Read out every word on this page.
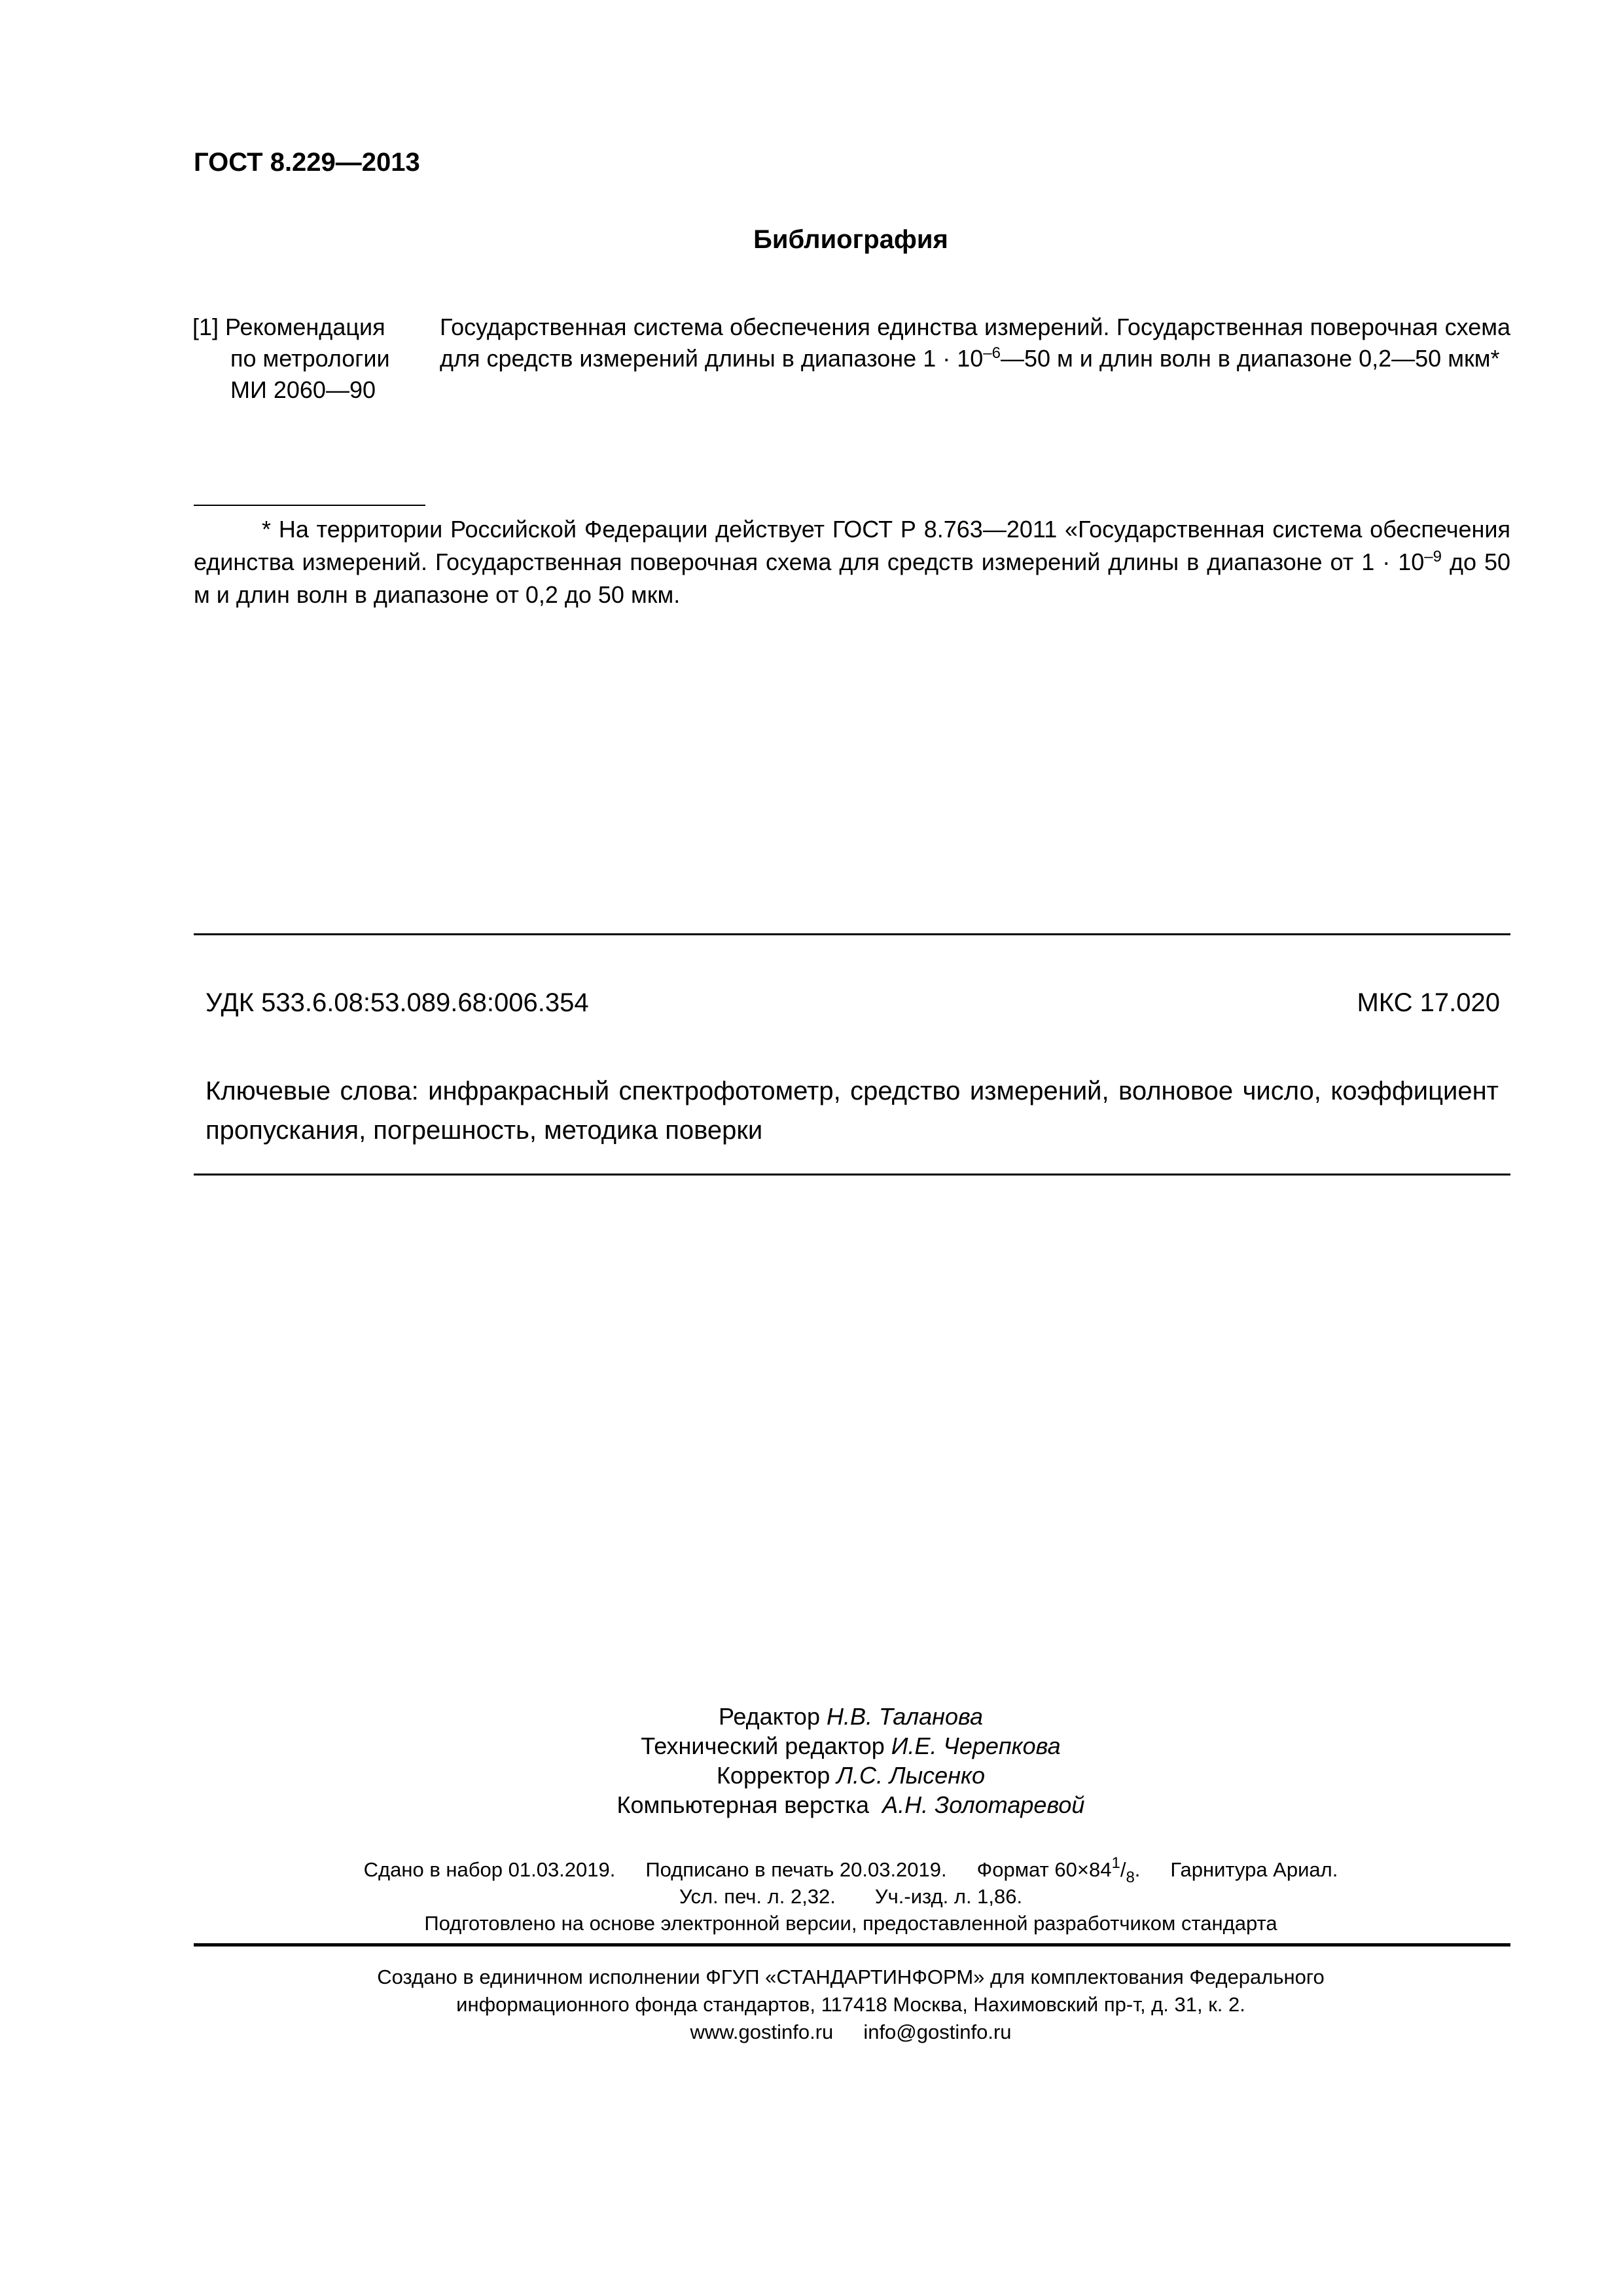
ГОСТ 8.229—2013
Библиография
[1] Рекомендация
по метрологии
МИ 2060—90
Государственная система обеспечения единства измерений. Государственная поверочная схема для средств измерений длины в диапазоне $1 \cdot 10^{-6}—50$ м и длин волн в диапазоне 0,2—50 мкм*
* На территории Российской Федерации действует ГОСТ Р 8.763—2011 «Государственная система обеспечения единства измерений. Государственная поверочная схема для средств измерений длины в диапазоне от $1 \cdot 10^{-9}$ до 50 м и длин волн в диапазоне от 0,2 до 50 мкм.
УДК 533.6.08:53.089.68:006.354	МКС 17.020
Ключевые слова: инфракрасный спектрофотометр, средство измерений, волновое число, коэффициент пропускания, погрешность, методика поверки
Редактор Н.В. Таланова
Технический редактор И.Е. Черепкова
Корректор Л.С. Лысенко
Компьютерная верстка А.Н. Золотаревой
Сдано в набор 01.03.2019. Подписано в печать 20.03.2019. Формат $60\times 84^1/_8$. Гарнитура Ариал.
Усл. печ. л. 2,32. Уч.-изд. л. 1,86.
Подготовлено на основе электронной версии, предоставленной разработчиком стандарта
Создано в единичном исполнении ФГУП «СТАНДАРТИНФОРМ» для комплектования Федерального
информационного фонда стандартов, 117418 Москва, Нахимовский пр-т, д. 31, к. 2.
www.gostinfo.ru info@gostinfo.ru
